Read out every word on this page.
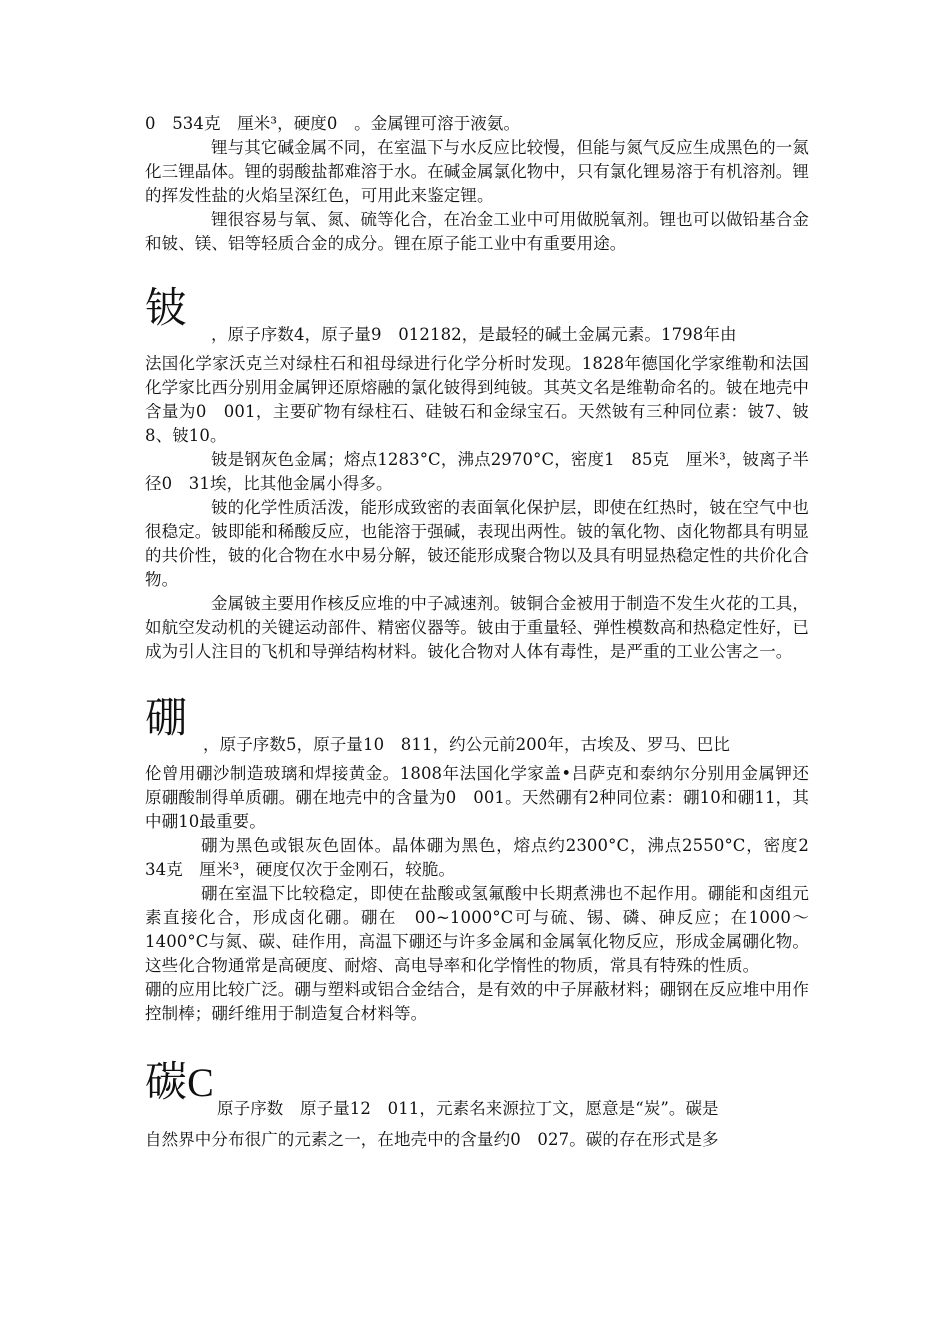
0　534克　厘米³，硬度0　。金属锂可溶于液氨。

锂与其它碱金属不同，在室温下与水反应比较慢，但能与氮气反应生成黑色的一氮化三锂晶体。锂的弱酸盐都难溶于水。在碱金属氯化物中，只有氯化锂易溶于有机溶剂。锂的挥发性盐的火焰呈深红色，可用此来鉴定锂。

锂很容易与氧、氮、硫等化合，在冶金工业中可用做脱氧剂。锂也可以做铅基合金和铍、镁、铝等轻质合金的成分。锂在原子能工业中有重要用途。

铍

，原子序数4，原子量9　012182，是最轻的碱土金属元素。1798年由

法国化学家沃克兰对绿柱石和祖母绿进行化学分析时发现。1828年德国化学家维勒和法国化学家比西分别用金属钾还原熔融的氯化铍得到纯铍。其英文名是维勒命名的。铍在地壳中含量为0　001，主要矿物有绿柱石、硅铍石和金绿宝石。天然铍有三种同位素：铍7、铍8、铍10。

铍是钢灰色金属；熔点1283°C，沸点2970°C，密度1　85克　厘米³，铍离子半径0　31埃，比其他金属小得多。

铍的化学性质活泼，能形成致密的表面氧化保护层，即使在红热时，铍在空气中也很稳定。铍即能和稀酸反应，也能溶于强碱，表现出两性。铍的氧化物、卤化物都具有明显的共价性，铍的化合物在水中易分解，铍还能形成聚合物以及具有明显热稳定性的共价化合物。

金属铍主要用作核反应堆的中子减速剂。铍铜合金被用于制造不发生火花的工具，如航空发动机的关键运动部件、精密仪器等。铍由于重量轻、弹性模数高和热稳定性好，已成为引人注目的飞机和导弹结构材料。铍化合物对人体有毒性，是严重的工业公害之一。

硼

，原子序数5，原子量10　811，约公元前200年，古埃及、罗马、巴比

伦曾用硼沙制造玻璃和焊接黄金。1808年法国化学家盖•吕萨克和泰纳尔分别用金属钾还原硼酸制得单质硼。硼在地壳中的含量为0　001。天然硼有2种同位素：硼10和硼11，其中硼10最重要。

硼为黑色或银灰色固体。晶体硼为黑色，熔点约2300°C，沸点2550°C，密度2　34克　厘米³，硬度仅次于金刚石，较脆。

硼在室温下比较稳定，即使在盐酸或氢氟酸中长期煮沸也不起作用。硼能和卤组元素直接化合，形成卤化硼。硼在　00~1000°C可与硫、锡、磷、砷反应；在1000～1400°C与氮、碳、硅作用，高温下硼还与许多金属和金属氧化物反应，形成金属硼化物。这些化合物通常是高硬度、耐熔、高电导率和化学惰性的物质，常具有特殊的性质。

硼的应用比较广泛。硼与塑料或铝合金结合，是有效的中子屏蔽材料；硼钢在反应堆中用作控制棒；硼纤维用于制造复合材料等。

碳C

原子序数　原子量12　011，元素名来源拉丁文，愿意是“炭”。碳是

自然界中分布很广的元素之一，在地壳中的含量约0　027。碳的存在形式是多
